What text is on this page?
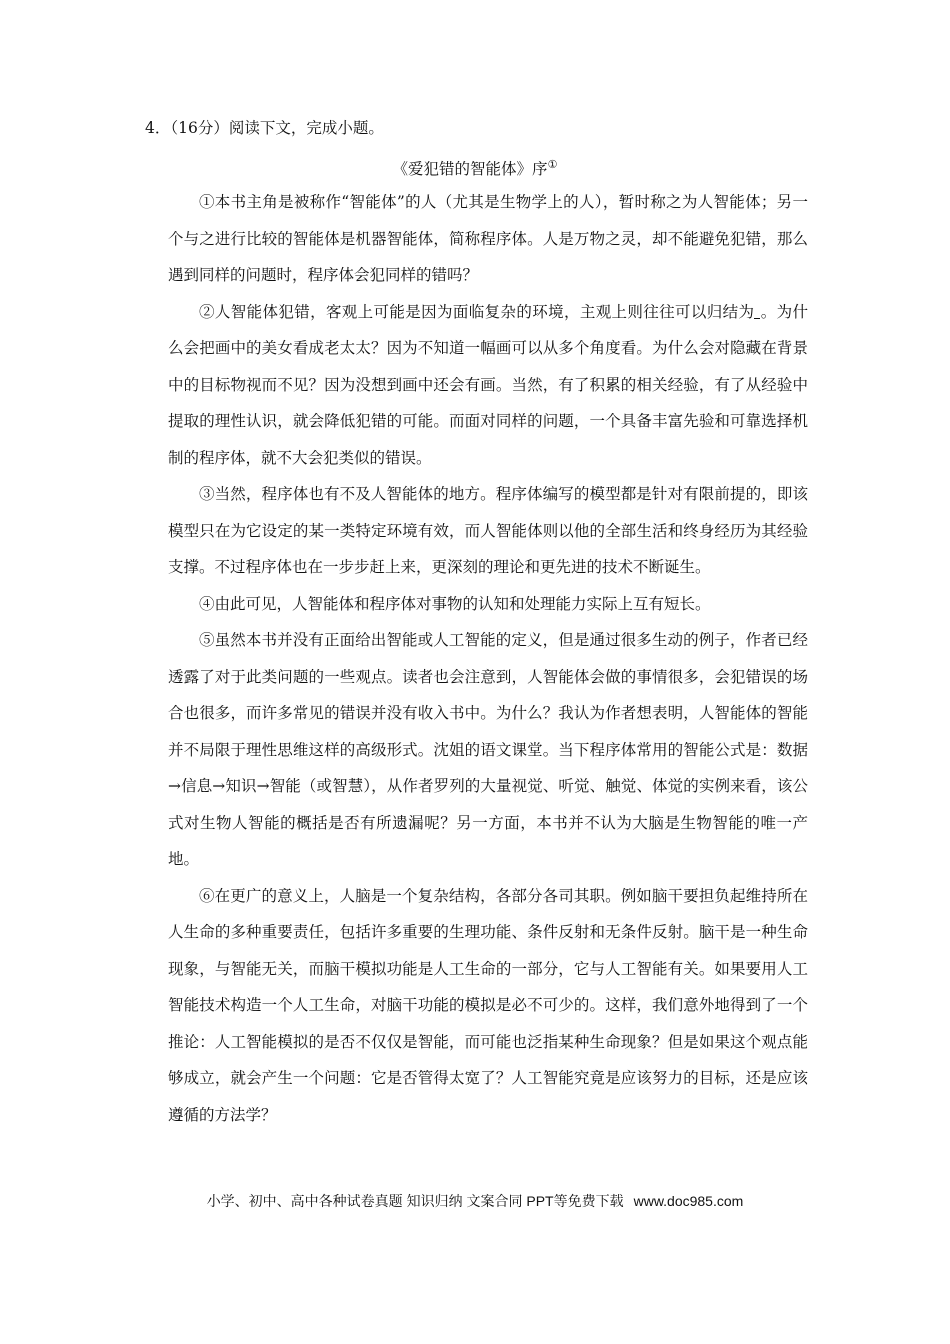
4．（16分）阅读下文，完成小题。
《爱犯错的智能体》序①

①本书主角是被称作“智能体”的人（尤其是生物学上的人），暂时称之为人智能体；另一个与之进行比较的智能体是机器智能体，简称程序体。人是万物之灵，却不能避免犯错，那么遇到同样的问题时，程序体会犯同样的错吗？

②人智能体犯错，客观上可能是因为面临复杂的环境，主观上则往往可以归结为 。为什么会把画中的美女看成老太太？因为不知道一幅画可以从多个角度看。为什么会对隐藏在背景中的目标物视而不见？因为没想到画中还会有画。当然，有了积累的相关经验，有了从经验中提取的理性认识，就会降低犯错的可能。而面对同样的问题，一个具备丰富先验和可靠选择机制的程序体，就不大会犯类似的错误。

③当然，程序体也有不及人智能体的地方。程序体编写的模型都是针对有限前提的，即该模型只在为它设定的某一类特定环境有效，而人智能体则以他的全部生活和终身经历为其经验支撑。不过程序体也在一步步赶上来，更深刻的理论和更先进的技术不断诞生。

④由此可见，人智能体和程序体对事物的认知和处理能力实际上互有短长。

⑤虽然本书并没有正面给出智能或人工智能的定义，但是通过很多生动的例子，作者已经透露了对于此类问题的一些观点。读者也会注意到，人智能体会做的事情很多，会犯错误的场合也很多，而许多常见的错误并没有收入书中。为什么？我认为作者想表明，人智能体的智能并不局限于理性思维这样的高级形式。沈姐的语文课堂。当下程序体常用的智能公式是：数据→信息→知识→智能（或智慧），从作者罗列的大量视觉、听觉、触觉、体觉的实例来看，该公式对生物人智能的概括是否有所遗漏呢？另一方面，本书并不认为大脑是生物智能的唯一产地。

⑥在更广的意义上，人脑是一个复杂结构，各部分各司其职。例如脑干要担负起维持所在人生命的多种重要责任，包括许多重要的生理功能、条件反射和无条件反射。脑干是一种生命现象，与智能无关，而脑干模拟功能是人工生命的一部分，它与人工智能有关。如果要用人工智能技术构造一个人工生命，对脑干功能的模拟是必不可少的。这样，我们意外地得到了一个推论：人工智能模拟的是否不仅仅是智能，而可能也泛指某种生命现象？但是如果这个观点能够成立，就会产生一个问题：它是否管得太宽了？人工智能究竟是应该努力的目标，还是应该遵循的方法学？

小学、初中、高中各种试卷真题 知识归纳 文案合同 PPT等免费下载 www.doc985.com
